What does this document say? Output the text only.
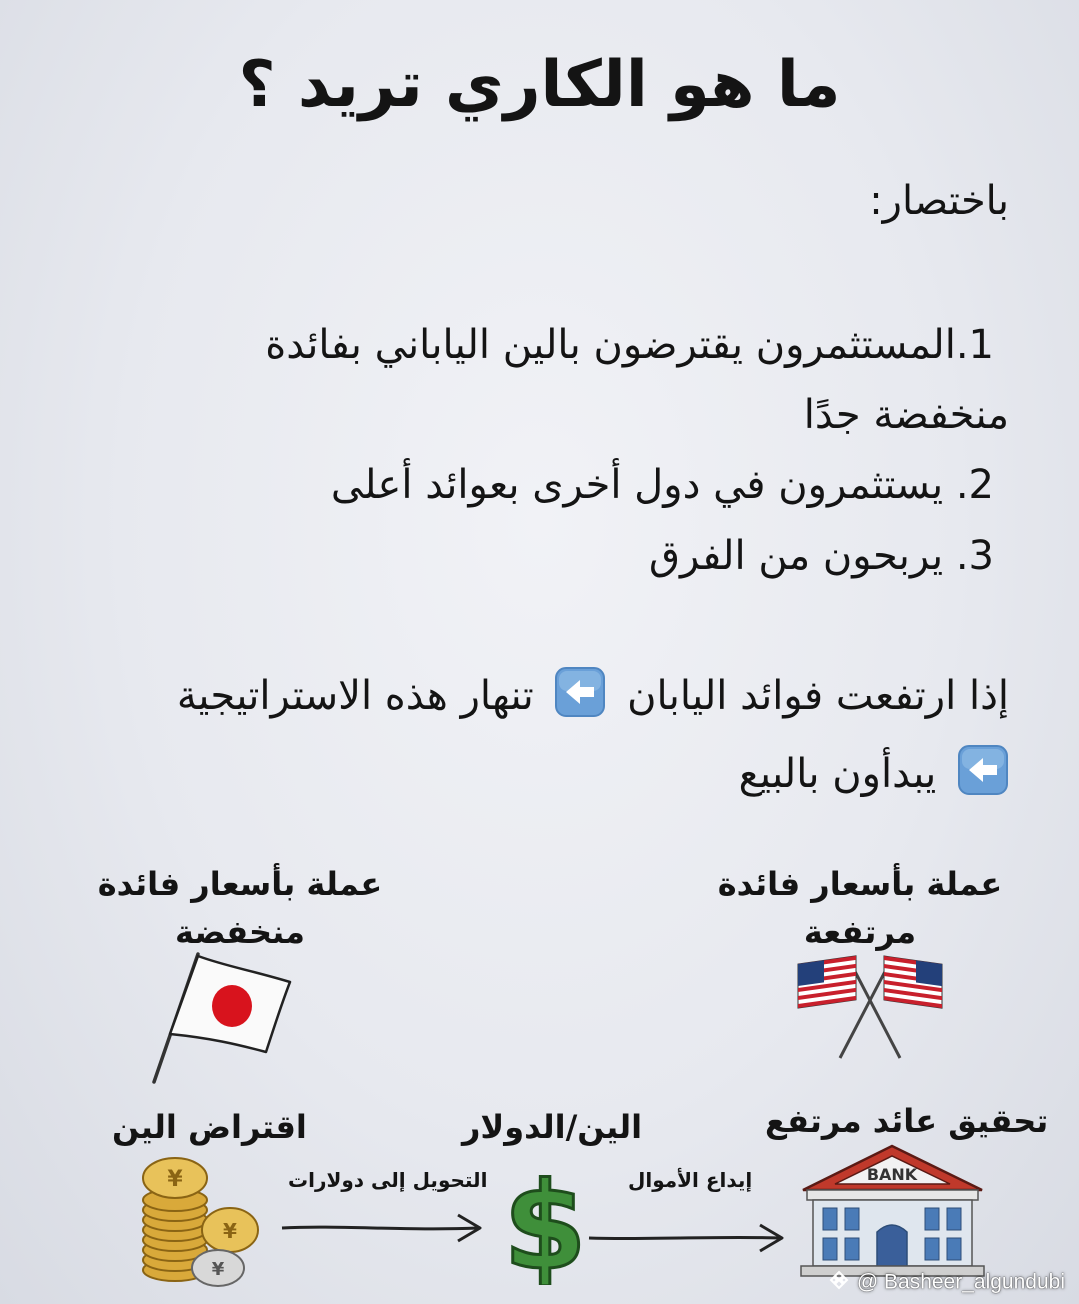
ما هو الكاري تريد ؟
باختصار:
1.المستثمرون يقترضون بالين الياباني بفائدة
منخفضة جدًا
2. يستثمرون في دول أخرى بعوائد أعلى
3. يربحون من الفرق
إذا ارتفعت فوائد اليابان  تنهار هذه الاستراتيجية
يبدأون بالبيع
عملة بأسعار فائدة
منخفضة
عملة بأسعار فائدة
مرتفعة
اقتراض الين	الين/الدولار	تحقيق عائد مرتفع
¥
¥
¥
التحويل إلى دولارات $ إيداع الأموال	BANK
@ Basheer_algundubi
